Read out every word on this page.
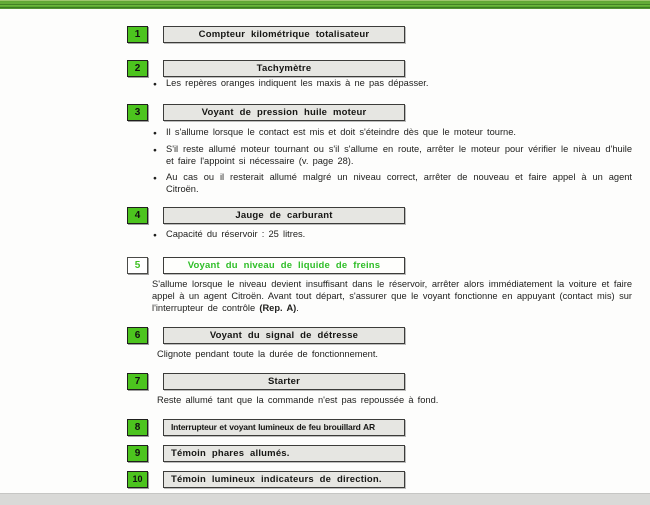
1	Compteur kilométrique totalisateur
2	Tachymètre
● Les repères oranges indiquent les maxis à ne pas dépasser.
3	Voyant de pression huile moteur
● Il s'allume lorsque le contact est mis et doit s'éteindre dès que le moteur tourne.
● S'il reste allumé moteur tournant ou s'il s'allume en route, arrêter le moteur pour vérifier le niveau d'huile et faire l'appoint si nécessaire (v. page 28).
● Au cas ou il resterait allumé malgré un niveau correct, arrêter de nouveau et faire appel à un agent Citroën.
4	Jauge de carburant
● Capacité du réservoir : 25 litres.
5	Voyant du niveau de liquide de freins
S'allume lorsque le niveau devient insuffisant dans le réservoir, arrêter alors immédiatement la voiture et faire appel à un agent Citroën. Avant tout départ, s'assurer que le voyant fonctionne en appuyant (contact mis) sur l'interrupteur de contrôle (Rep. A).
6	Voyant du signal de détresse
Clignote pendant toute la durée de fonctionnement.
7	Starter
Reste allumé tant que la commande n'est pas repoussée à fond.
8	Interrupteur et voyant lumineux de feu brouillard AR
9	Témoin phares allumés.
10	Témoin lumineux indicateurs de direction.
